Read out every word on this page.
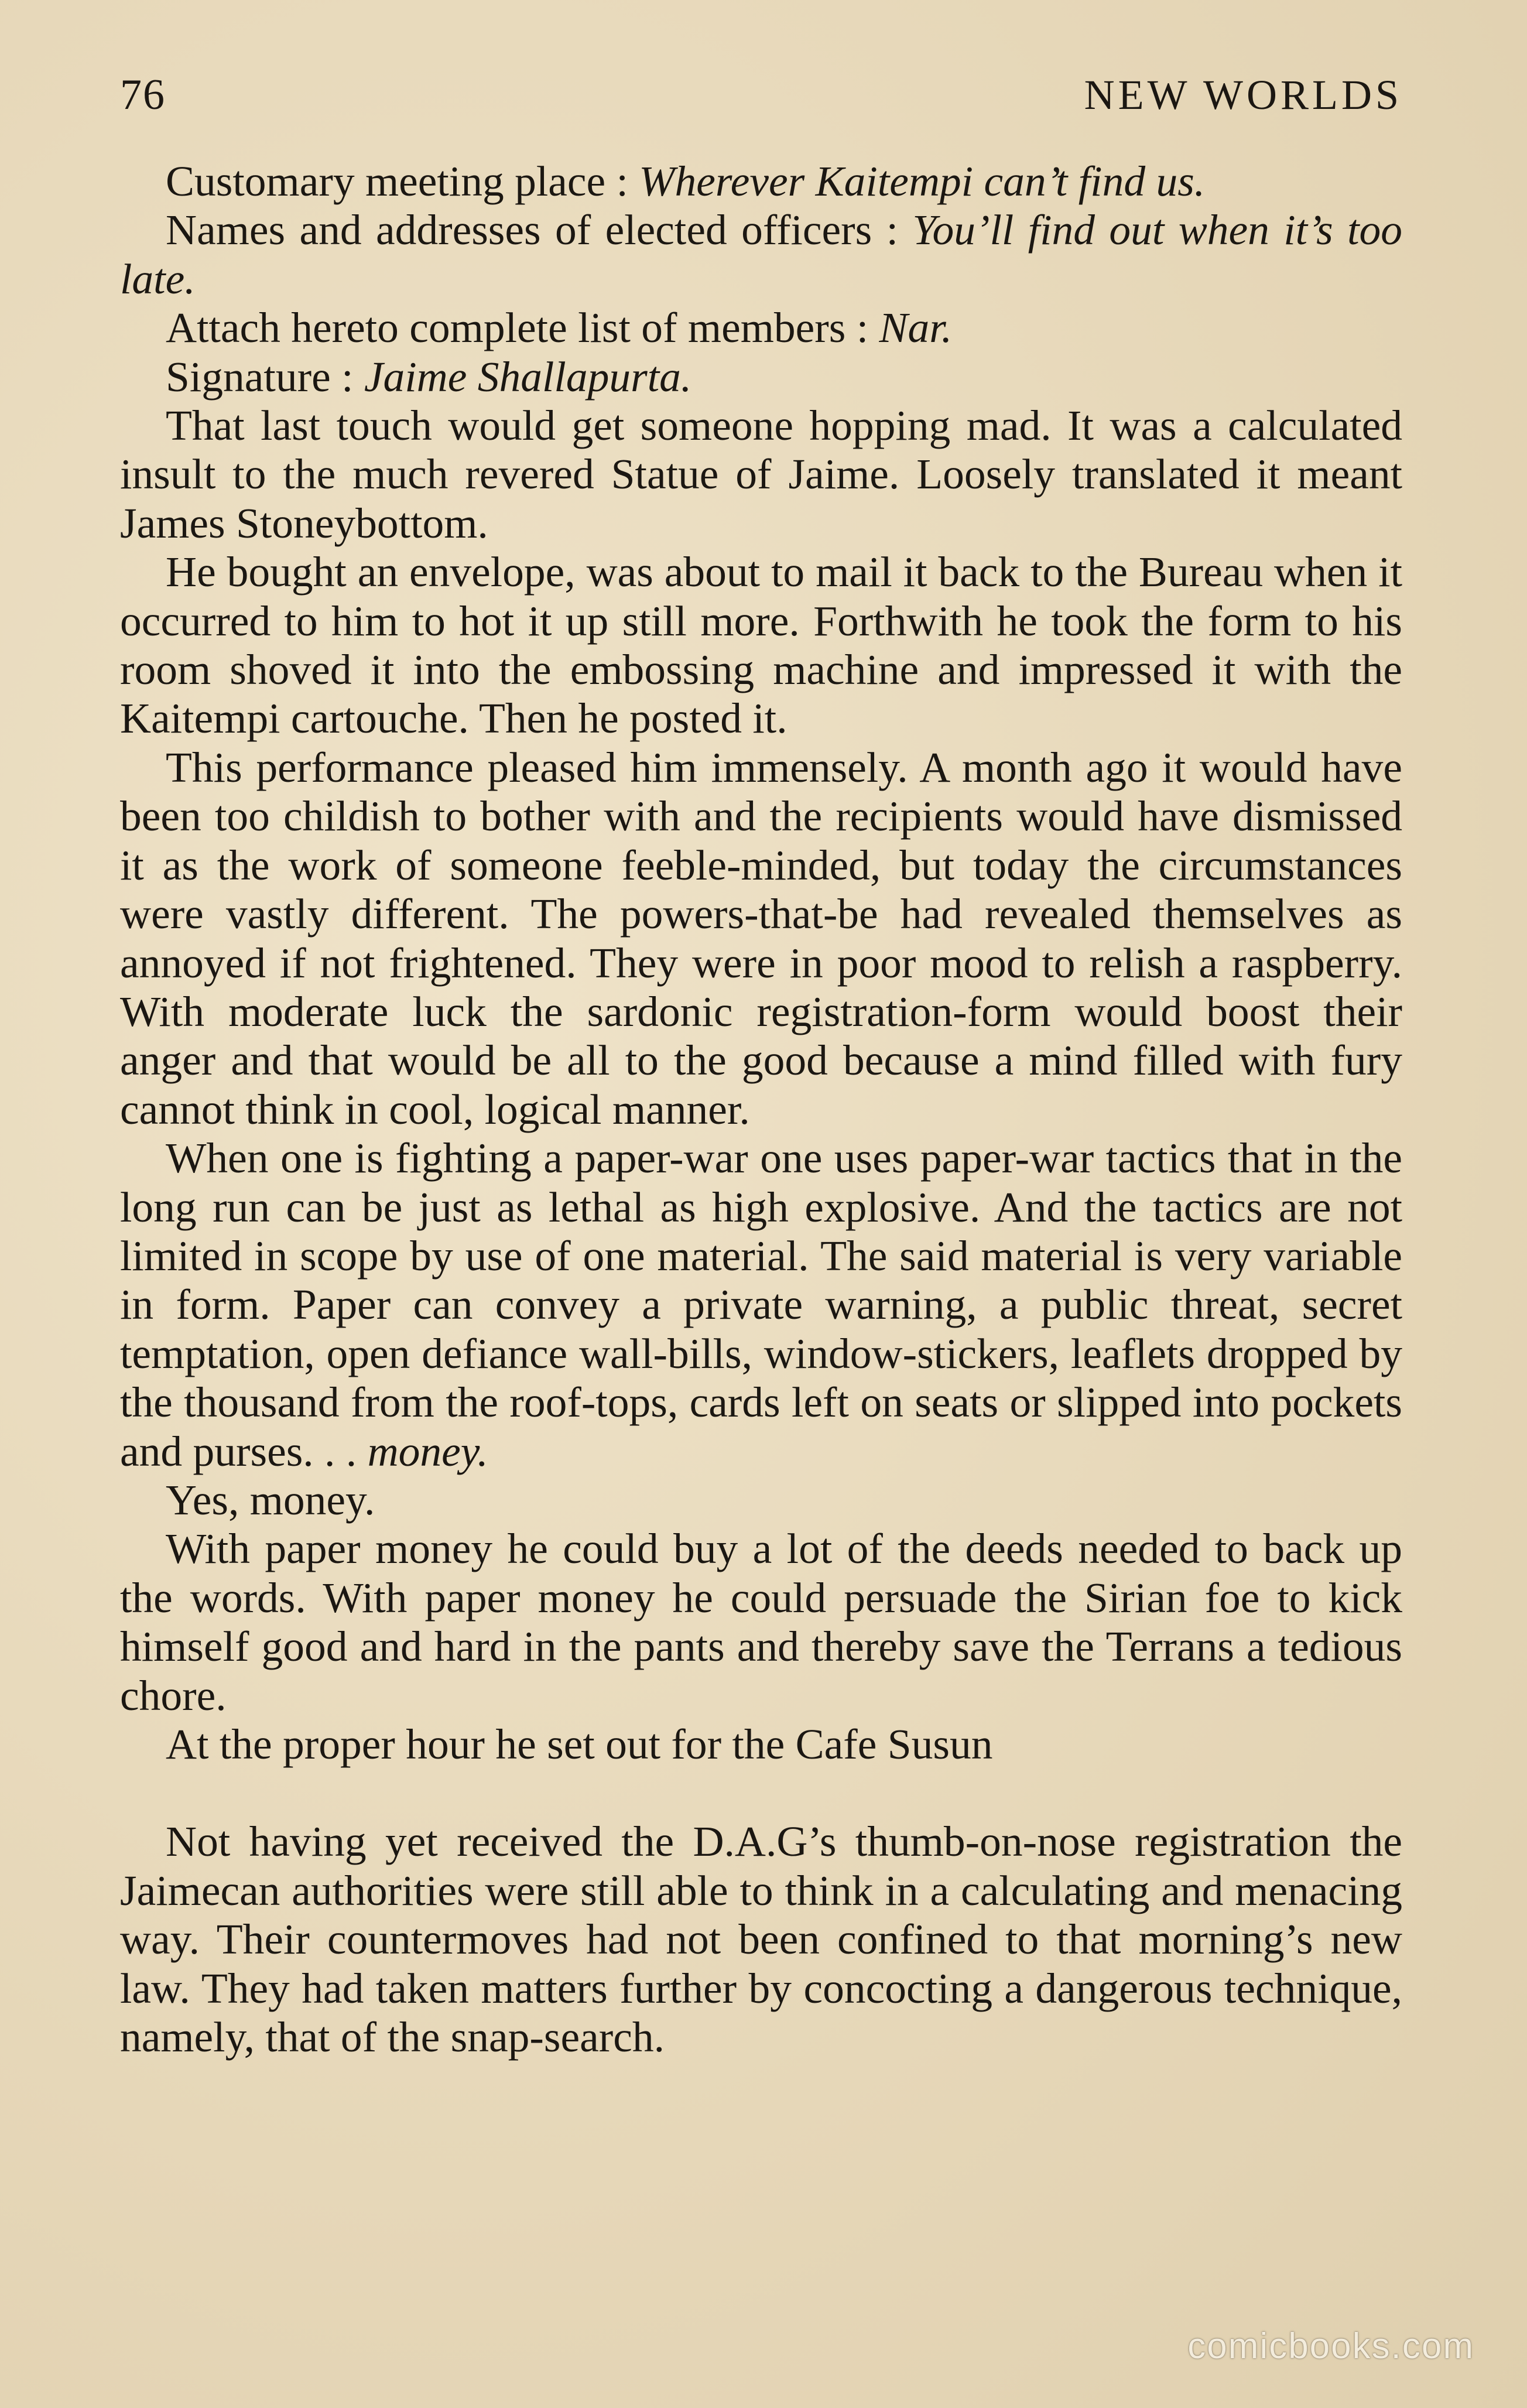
76	NEW WORLDS

Customary meeting place : Wherever Kaitempi can’t find us.

Names and addresses of elected officers : You’ll find out when it’s too late.

Attach hereto complete list of members : Nar.

Signature : Jaime Shallapurta.

That last touch would get someone hopping mad. It was a calculated insult to the much revered Statue of Jaime. Loosely translated it meant James Stoneybottom.

He bought an envelope, was about to mail it back to the Bureau when it occurred to him to hot it up still more. Forthwith he took the form to his room shoved it into the embossing machine and impressed it with the Kaitempi cartouche. Then he posted it.

This performance pleased him immensely. A month ago it would have been too childish to bother with and the recipients would have dismissed it as the work of someone feeble-minded, but today the circumstances were vastly different. The powers-that-be had revealed themselves as annoyed if not frightened. They were in poor mood to relish a raspberry. With moderate luck the sardonic registration-form would boost their anger and that would be all to the good because a mind filled with fury cannot think in cool, logical manner.

When one is fighting a paper-war one uses paper-war tactics that in the long run can be just as lethal as high explosive. And the tactics are not limited in scope by use of one material. The said material is very variable in form. Paper can convey a private warning, a public threat, secret temptation, open defiance wall-bills, window-stickers, leaflets dropped by the thousand from the roof-tops, cards left on seats or slipped into pockets and purses. . . money.

Yes, money.

With paper money he could buy a lot of the deeds needed to back up the words. With paper money he could persuade the Sirian foe to kick himself good and hard in the pants and thereby save the Terrans a tedious chore.

At the proper hour he set out for the Cafe Susun

Not having yet received the D.A.G’s thumb-on-nose registration the Jaimecan authorities were still able to think in a calculating and menacing way. Their countermoves had not been confined to that morning’s new law. They had taken matters further by concocting a dangerous technique, namely, that of the snap-search.

comicbooks.com
